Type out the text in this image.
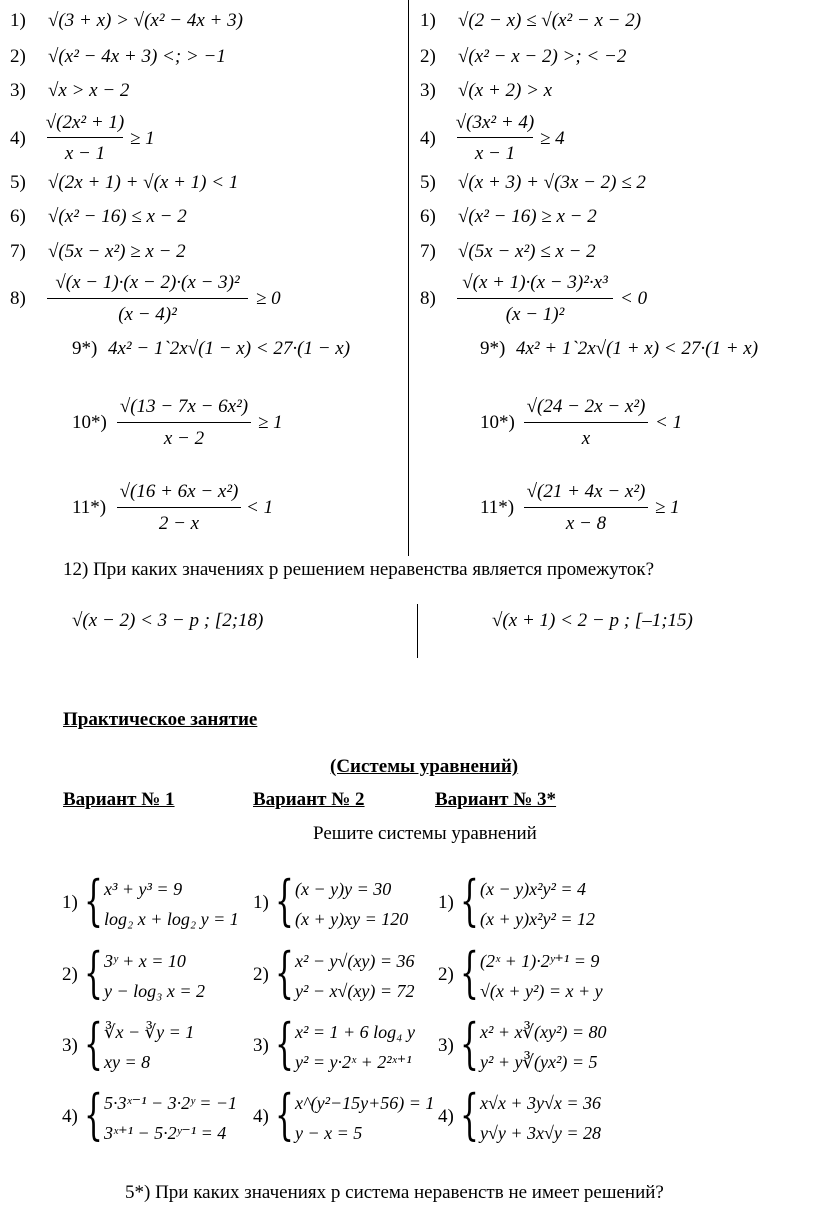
1) √(3 + x) > √(x² − 4x + 3)
2) √(x² − 4x + 3) <; > −1
3) √x > x − 2
4)
√(2x² + 1)
x − 1
≥ 1
5) √(2x + 1) + √(x + 1) < 1
6) √(x² − 16) ≤ x − 2
7) √(5x − x²) ≥ x − 2
8)
√(x − 1)·(x − 2)·(x − 3)²
(x − 4)²
≥ 0
9*) 4x² − 1`2x√(1 − x) < 27·(1 − x)
10*)
√(13 − 7x − 6x²)
x − 2
≥ 1
11*)
√(16 + 6x − x²)
2 − x
< 1
1) √(2 − x) ≤ √(x² − x − 2)
2) √(x² − x − 2) >; < −2
3) √(x + 2) > x
4)
√(3x² + 4)
x − 1
≥ 4
5) √(x + 3) + √(3x − 2) ≤ 2
6) √(x² − 16) ≥ x − 2
7) √(5x − x²) ≤ x − 2
8)
√(x + 1)·(x − 3)²·x³
(x − 1)²
< 0
9*) 4x² + 1`2x√(1 + x) < 27·(1 + x)
10*)
√(24 − 2x − x²)
x
< 1
11*)
√(21 + 4x − x²)
x − 8
≥ 1
12) При каких значениях р решением неравенства является промежуток?
√(x − 2) < 3 − p ; [2;18)	√(x + 1) < 2 − p ; [–1;15)
Практическое занятие
(Системы уравнений)
Вариант № 1	Вариант № 2	Вариант № 3*
Решите системы уравнений
1) { x³ + y³ = 9
log₂ x + log₂ y = 1
1) { (x − y)y = 30
(x + y)xy = 120
1) { (x − y)x²y² = 4
(x + y)x²y² = 12
2) { 3ʸ + x = 10
y − log₃ x = 2
2) { x² − y√(xy) = 36
y² − x√(xy) = 72
2) { (2ˣ + 1)·2ʸ⁺¹ = 9
√(x + y²) = x + y
3) { ∛x − ∛y = 1
xy = 8
3) { x² = 1 + 6 log₄ y
y² = y·2ˣ + 2²ˣ⁺¹
3) { x² + x∛(xy²) = 80
y² + y∛(yx²) = 5
4) { 5·3ˣ⁻¹ − 3·2ʸ = −1
3ˣ⁺¹ − 5·2ʸ⁻¹ = 4
4) { x^(y²−15y+56) = 1
y − x = 5
4) { x√x + 3y√x = 36
y√y + 3x√y = 28
5*) При каких значениях р система неравенств не имеет решений?
